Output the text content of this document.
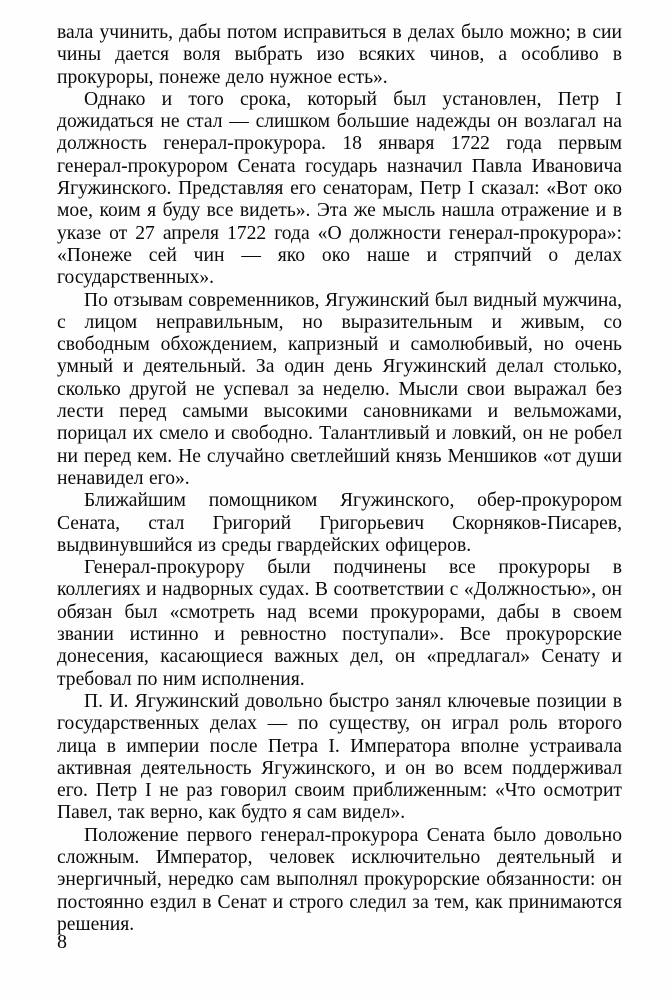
вала учинить, дабы потом исправиться в делах было можно; в сии чины дается воля выбрать изо всяких чинов, а особливо в прокуроры, понеже дело нужное есть».

Однако и того срока, который был установлен, Петр I дожидаться не стал — слишком большие надежды он возлагал на должность генерал-прокурора. 18 января 1722 года первым генерал-прокурором Сената государь назначил Павла Ивановича Ягужинского. Представляя его сенаторам, Петр I сказал: «Вот око мое, коим я буду все видеть». Эта же мысль нашла отражение и в указе от 27 апреля 1722 года «О должности генерал-прокурора»: «Понеже сей чин — яко око наше и стряпчий о делах государственных».

По отзывам современников, Ягужинский был видный мужчина, с лицом неправильным, но выразительным и живым, со свободным обхождением, капризный и самолюбивый, но очень умный и деятельный. За один день Ягужинский делал столько, сколько другой не успевал за неделю. Мысли свои выражал без лести перед самыми высокими сановниками и вельможами, порицал их смело и свободно. Талантливый и ловкий, он не робел ни перед кем. Не случайно светлейший князь Меншиков «от души ненавидел его».

Ближайшим помощником Ягужинского, обер-прокурором Сената, стал Григорий Григорьевич Скорняков-Писарев, выдвинувшийся из среды гвардейских офицеров.

Генерал-прокурору были подчинены все прокуроры в коллегиях и надворных судах. В соответствии с «Должностью», он обязан был «смотреть над всеми прокурорами, дабы в своем звании истинно и ревностно поступали». Все прокурорские донесения, касающиеся важных дел, он «предлагал» Сенату и требовал по ним исполнения.

П. И. Ягужинский довольно быстро занял ключевые позиции в государственных делах — по существу, он играл роль второго лица в империи после Петра I. Императора вполне устраивала активная деятельность Ягужинского, и он во всем поддерживал его. Петр I не раз говорил своим приближенным: «Что осмотрит Павел, так верно, как будто я сам видел».

Положение первого генерал-прокурора Сената было довольно сложным. Император, человек исключительно деятельный и энергичный, нередко сам выполнял прокурорские обязанности: он постоянно ездил в Сенат и строго следил за тем, как принимаются решения.

8
